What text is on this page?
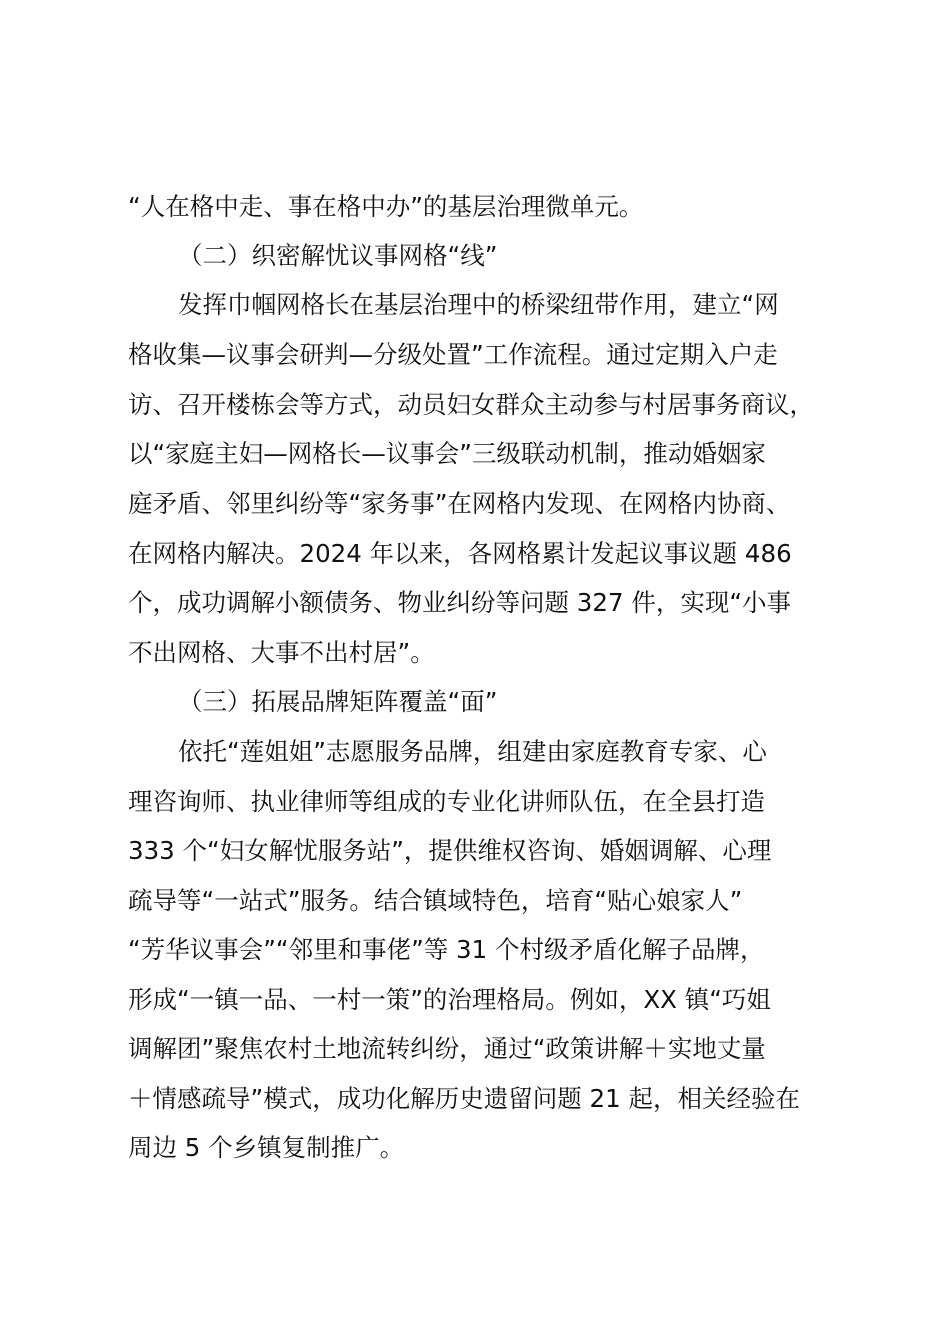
“人在格中走、事在格中办”的基层治理微单元。
（二）织密解忧议事网格“线”
发挥巾帼网格长在基层治理中的桥梁纽带作用，建立“网
格收集—议事会研判—分级处置”工作流程。通过定期入户走
访、召开楼栋会等方式，动员妇女群众主动参与村居事务商议，
以“家庭主妇—网格长—议事会”三级联动机制，推动婚姻家
庭矛盾、邻里纠纷等“家务事”在网格内发现、在网格内协商、
在网格内解决。2024 年以来，各网格累计发起议事议题 486
个，成功调解小额债务、物业纠纷等问题 327 件，实现“小事
不出网格、大事不出村居”。
（三）拓展品牌矩阵覆盖“面”
依托“莲姐姐”志愿服务品牌，组建由家庭教育专家、心
理咨询师、执业律师等组成的专业化讲师队伍，在全县打造
333 个“妇女解忧服务站”，提供维权咨询、婚姻调解、心理
疏导等“一站式”服务。结合镇域特色，培育“贴心娘家人”
“芳华议事会”“邻里和事佬”等 31 个村级矛盾化解子品牌，
形成“一镇一品、一村一策”的治理格局。例如，XX 镇“巧姐
调解团”聚焦农村土地流转纠纷，通过“政策讲解＋实地丈量
＋情感疏导”模式，成功化解历史遗留问题 21 起，相关经验在
周边 5 个乡镇复制推广。
